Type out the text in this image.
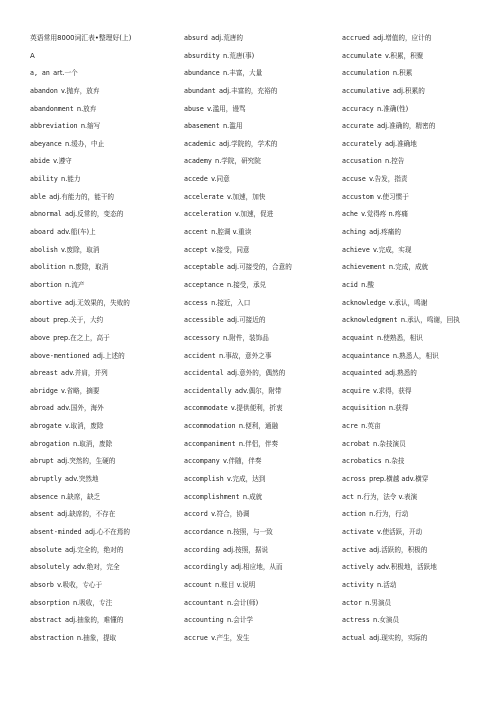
英语常用8000词汇表•整理好(上)
A
a, an art.一个
abandon v.抛弃，放弃
abandonment n.放弃
abbreviation n.缩写
abeyance n.缓办，中止
abide v.遵守
ability n.能力
able adj.有能力的，能干的
abnormal adj.反常的，变态的
aboard adv.船(车)上
abolish v.废除，取消
abolition n.废除，取消
abortion n.流产
abortive adj.无效果的，失败的
about prep.关于，大约
above prep.在之上，高于
above-mentioned adj.上述的
abreast adv.并肩，并列
abridge v.省略，摘要
abroad adv.国外，海外
abrogate v.取消，废除
abrogation n.取消，废除
abrupt adj.突然的，生硬的
abruptly adv.突然地
absence n.缺席，缺乏
absent adj.缺席的，不存在
absent-minded adj.心不在焉的
absolute adj.完全的，绝对的
absolutely adv.绝对，完全
absorb v.吸收，专心于
absorption n.吸收，专注
abstract adj.抽象的，难懂的
abstraction n.抽象，提取
absurd adj.荒唐的
absurdity n.荒唐(事)
abundance n.丰富，大量
abundant adj.丰富的，充裕的
abuse v.滥用，谩骂
abasement n.滥用
academic adj.学院的，学术的
academy n.学院，研究院
accede v.同意
accelerate v.加速，加快
acceleration v.加速，促进
accent n.腔调 v.重读
accept v.接受，同意
acceptable adj.可接受的，合意的
acceptance n.接受，承兑
access n.接近，入口
accessible adj.可接近的
accessory n.附件，装饰品
accident n.事故，意外之事
accidental adj.意外的，偶然的
accidentally adv.偶尔，附带
accommodate v.提供便利，折衷
accommodation n.便利，通融
accompaniment n.伴侣，伴奏
accompany v.伴随，伴奏
accomplish v.完成，达到
accomplishment n.成就
accord v.符合，协调
accordance n.按照，与一致
according adj.按照，据说
accordingly adj.相应地，从而
account n.账目 v.说明
accountant n.会计(师)
accounting n.会计学
accrue v.产生，发生
accrued adj.增值的，应计的
accumulate v.积累，积聚
accumulation n.积累
accumulative adj.积累的
accuracy n.准确(性)
accurate adj.准确的，精密的
accurately adj.准确地
accusation n.控告
accuse v.告发，指责
accustom v.使习惯于
ache v.觉得疼 n.疼痛
aching adj.疼痛的
achieve v.完成，实现
achievement n.完成，成就
acid n.酸
acknowledge v.承认，鸣谢
acknowledgment n.承认，鸣谢，回执
acquaint n.使熟悉，相识
acquaintance n.熟悉人，相识
acquainted adj.熟悉的
acquire v.求得，获得
acquisition n.获得
acre n.英亩
acrobat n.杂技演员
acrobatics n.杂技
across prep.横越 adv.横穿
act n.行为，法令 v.表演
action n.行为，行动
activate v.使活跃，开动
active adj.活跃的，积极的
actively adv.积极地，活跃地
activity n.活动
actor n.男演员
actress n.女演员
actual adj.现实的，实际的
